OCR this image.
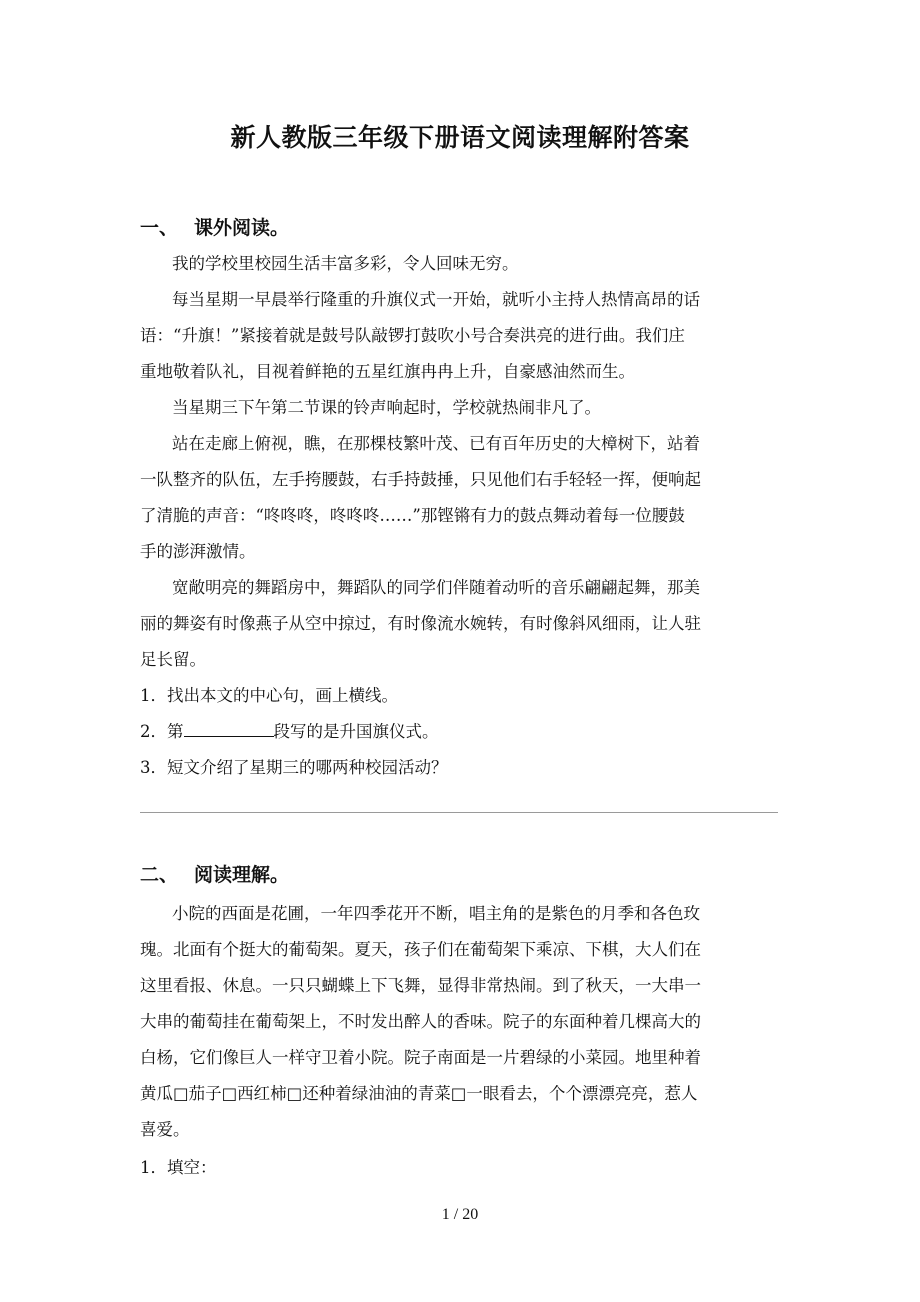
新人教版三年级下册语文阅读理解附答案
一、 课外阅读。
我的学校里校园生活丰富多彩，令人回味无穷。
每当星期一早晨举行隆重的升旗仪式一开始，就听小主持人热情高昂的话
语：“升旗！”紧接着就是鼓号队敲锣打鼓吹小号合奏洪亮的进行曲。我们庄
重地敬着队礼，目视着鲜艳的五星红旗冉冉上升，自豪感油然而生。
当星期三下午第二节课的铃声响起时，学校就热闹非凡了。
站在走廊上俯视，瞧，在那棵枝繁叶茂、已有百年历史的大樟树下，站着
一队整齐的队伍，左手挎腰鼓，右手持鼓捶，只见他们右手轻轻一挥，便响起
了清脆的声音：“咚咚咚，咚咚咚……”那铿锵有力的鼓点舞动着每一位腰鼓
手的澎湃激情。
宽敞明亮的舞蹈房中，舞蹈队的同学们伴随着动听的音乐翩翩起舞，那美
丽的舞姿有时像燕子从空中掠过，有时像流水婉转，有时像斜风细雨，让人驻
足长留。
1．找出本文的中心句，画上横线。
2．第	段写的是升国旗仪式。
3．短文介绍了星期三的哪两种校园活动？
二、 阅读理解。
小院的西面是花圃，一年四季花开不断，唱主角的是紫色的月季和各色玫
瑰。北面有个挺大的葡萄架。夏天，孩子们在葡萄架下乘凉、下棋，大人们在
这里看报、休息。一只只蝴蝶上下飞舞，显得非常热闹。到了秋天，一大串一
大串的葡萄挂在葡萄架上，不时发出醉人的香味。院子的东面种着几棵高大的
白杨，它们像巨人一样守卫着小院。院子南面是一片碧绿的小菜园。地里种着
黄瓜□茄子□西红柿□还种着绿油油的青菜□一眼看去，个个漂漂亮亮，惹人
喜爱。
1．填空：
1 / 20
